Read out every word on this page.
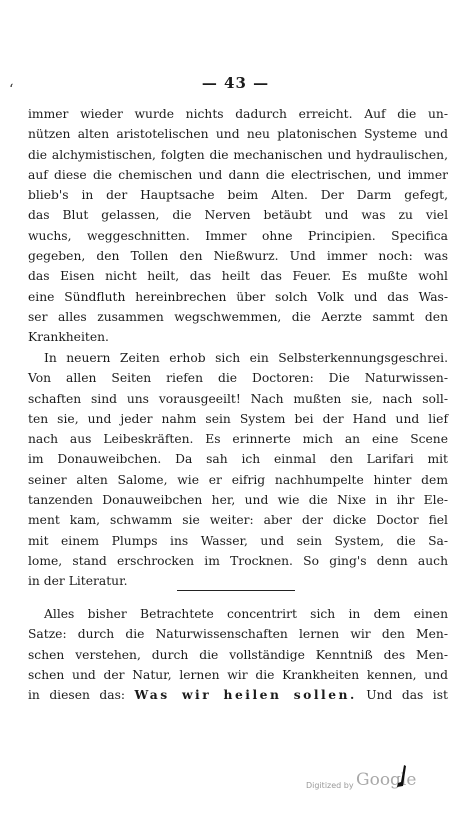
‘	— 43 —
immer wieder wurde nichts dadurch erreicht. Auf die un-
nützen alten aristotelischen und neu platonischen Systeme und
die alchymistischen, folgten die mechanischen und hydraulischen,
auf diese die chemischen und dann die electrischen, und immer
blieb's in der Hauptsache beim Alten. Der Darm gefegt,
das Blut gelassen, die Nerven betäubt und was zu viel
wuchs, weggeschnitten. Immer ohne Principien. Specifica
gegeben, den Tollen den Nießwurz. Und immer noch: was
das Eisen nicht heilt, das heilt das Feuer. Es mußte wohl
eine Sündfluth hereinbrechen über solch Volk und das Was-
ser alles zusammen wegschwemmen, die Aerzte sammt den
Krankheiten.
In neuern Zeiten erhob sich ein Selbsterkennungsgeschrei.
Von allen Seiten riefen die Doctoren: Die Naturwissen-
schaften sind uns vorausgeeilt! Nach mußten sie, nach soll-
ten sie, und jeder nahm sein System bei der Hand und lief
nach aus Leibeskräften. Es erinnerte mich an eine Scene
im Donauweibchen. Da sah ich einmal den Larifari mit
seiner alten Salome, wie er eifrig nachhumpelte hinter dem
tanzenden Donauweibchen her, und wie die Nixe in ihr Ele-
ment kam, schwamm sie weiter: aber der dicke Doctor fiel
mit einem Plumps ins Wasser, und sein System, die Sa-
lome, stand erschrocken im Trocknen. So ging's denn auch
in der Literatur.
Alles bisher Betrachtete concentrirt sich in dem einen
Satze: durch die Naturwissenschaften lernen wir den Men-
schen verstehen, durch die vollständige Kenntniß des Men-
schen und der Natur, lernen wir die Krankheiten kennen, und
in diesen das: Was wir heilen sollen. Und das ist
Digitized by Google
